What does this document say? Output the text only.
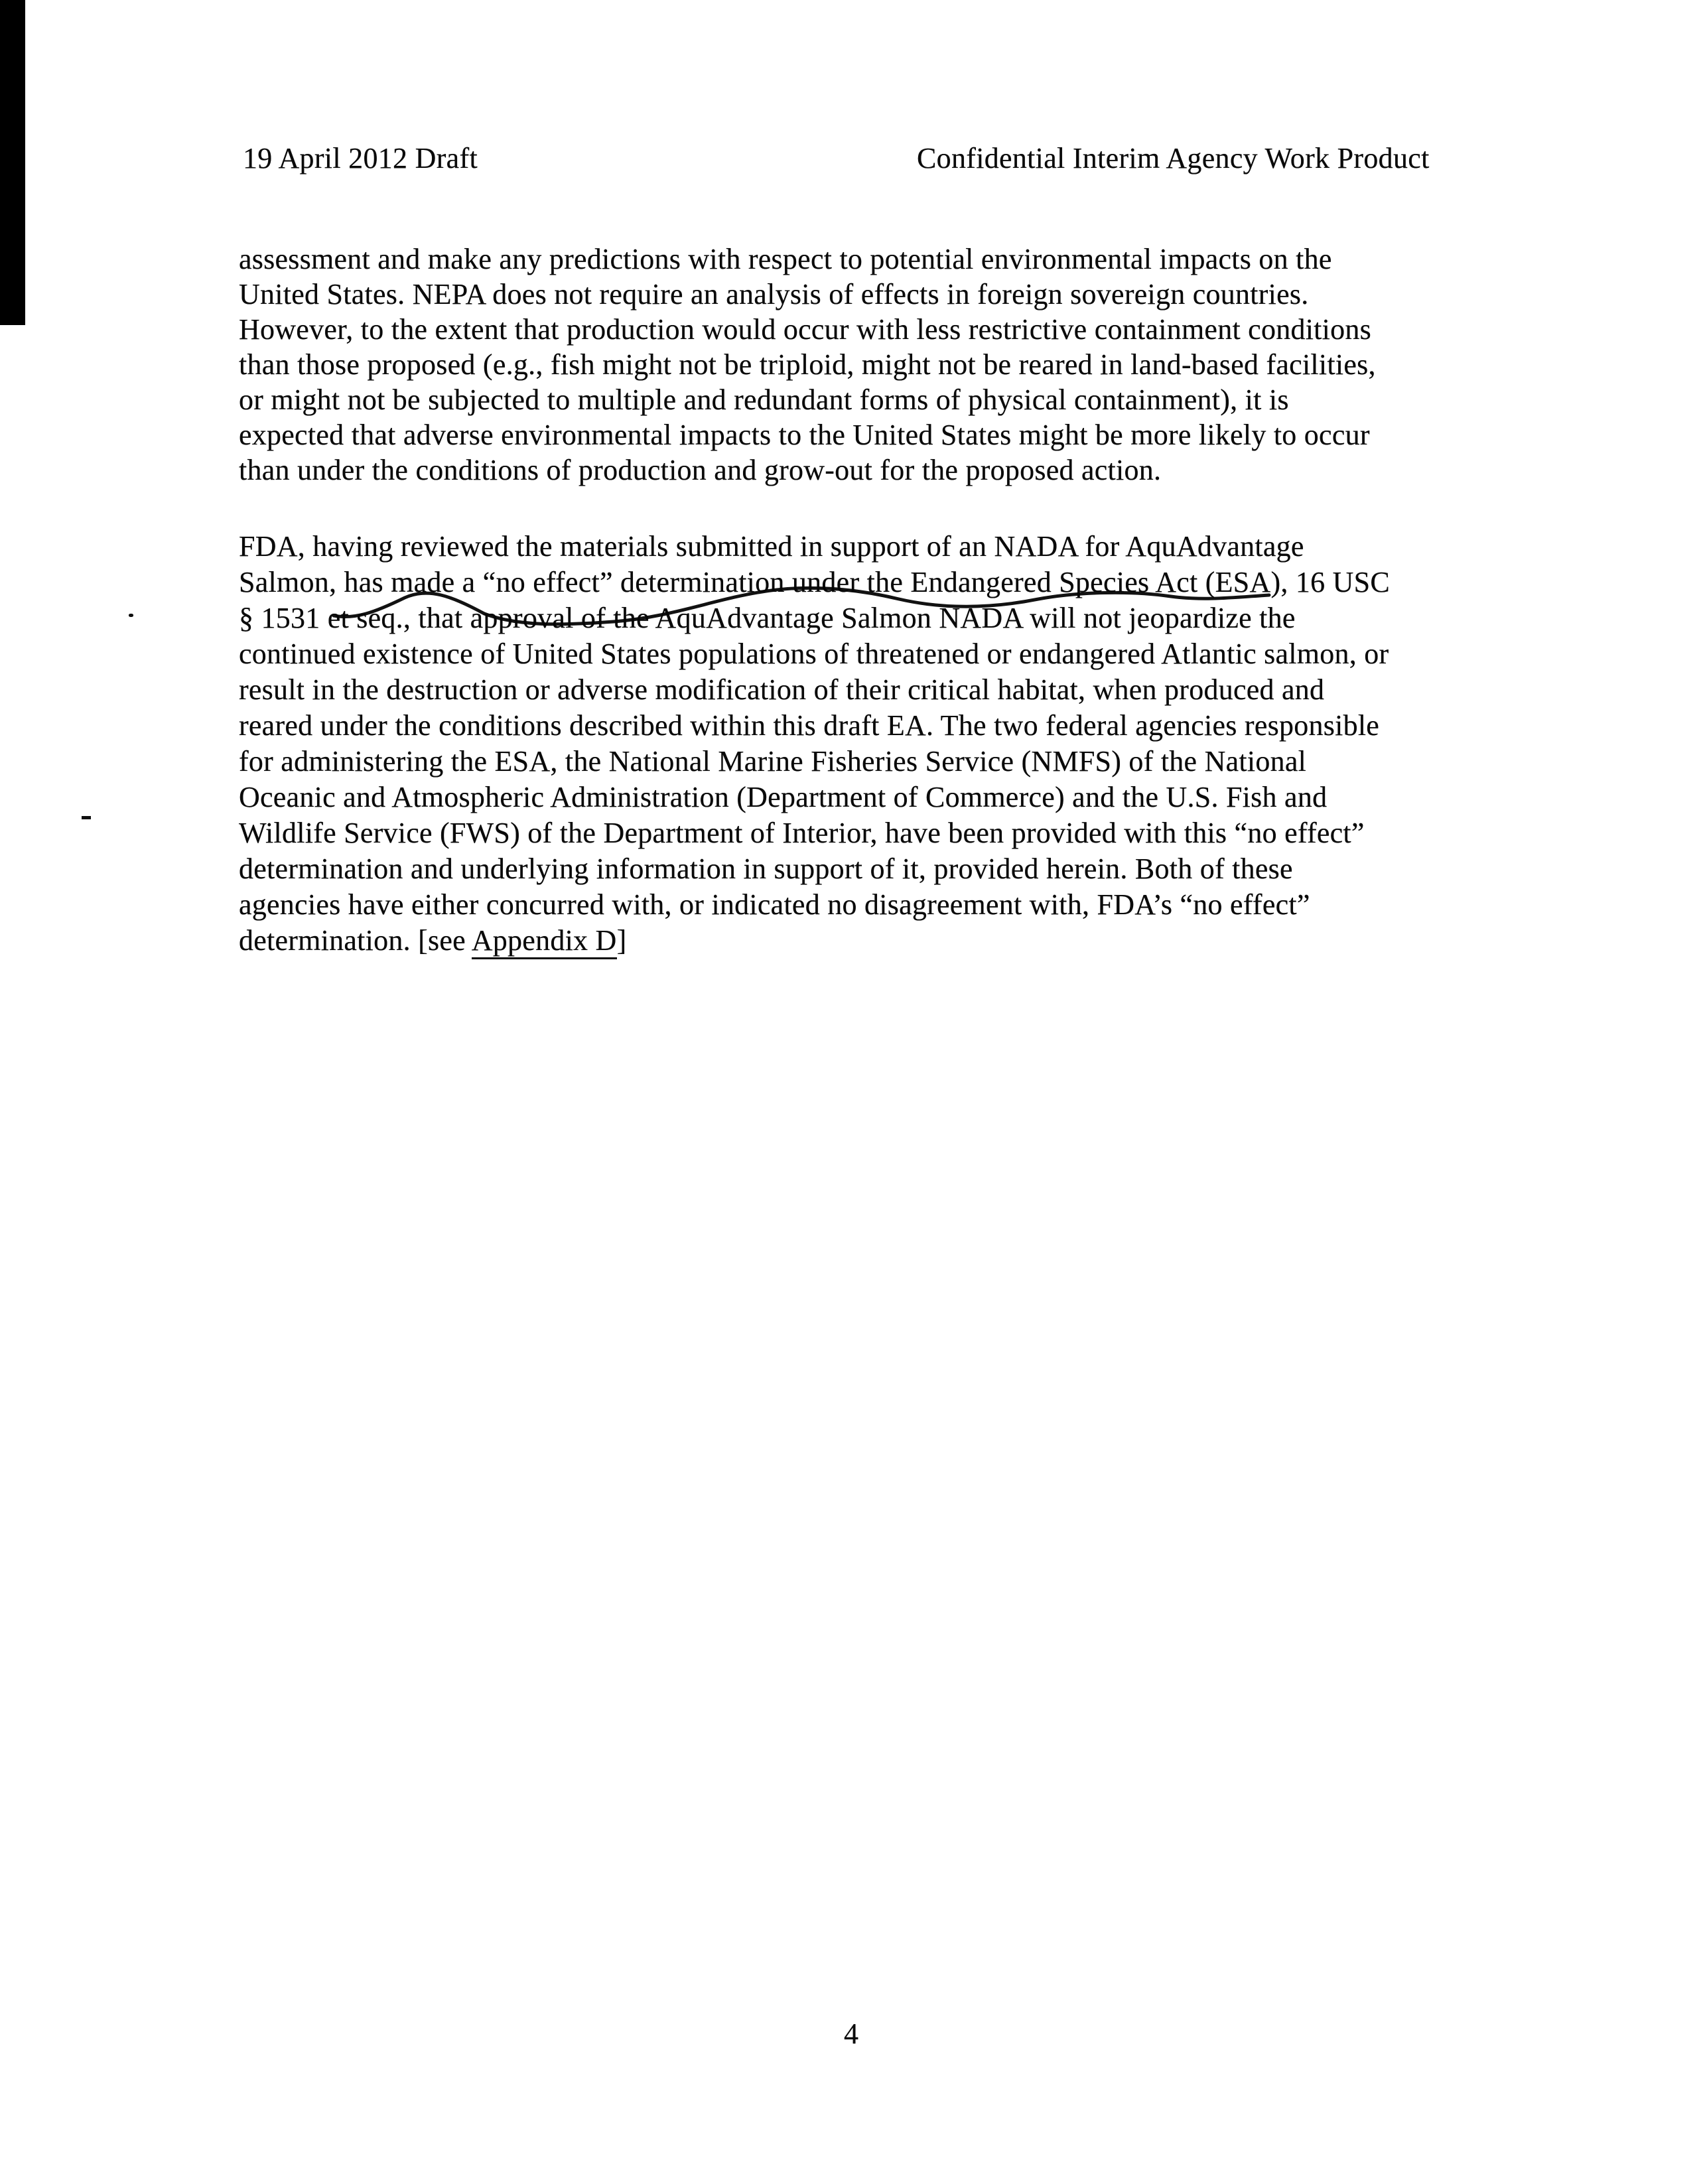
19 April 2012 Draft	Confidential Interim Agency Work Product
assessment and make any predictions with respect to potential environmental impacts on the
United States. NEPA does not require an analysis of effects in foreign sovereign countries.
However, to the extent that production would occur with less restrictive containment conditions
than those proposed (e.g., fish might not be triploid, might not be reared in land-based facilities,
or might not be subjected to multiple and redundant forms of physical containment), it is
expected that adverse environmental impacts to the United States might be more likely to occur
than under the conditions of production and grow-out for the proposed action.
FDA, having reviewed the materials submitted in support of an NADA for AquAdvantage
Salmon, has made a “no effect” determination under the Endangered Species Act (ESA), 16 USC
§ 1531 et seq., that approval of the AquAdvantage Salmon NADA will not jeopardize the
continued existence of United States populations of threatened or endangered Atlantic salmon, or
result in the destruction or adverse modification of their critical habitat, when produced and
reared under the conditions described within this draft EA. The two federal agencies responsible
for administering the ESA, the National Marine Fisheries Service (NMFS) of the National
Oceanic and Atmospheric Administration (Department of Commerce) and the U.S. Fish and
Wildlife Service (FWS) of the Department of Interior, have been provided with this “no effect”
determination and underlying information in support of it, provided herein. Both of these
agencies have either concurred with, or indicated no disagreement with, FDA’s “no effect”
determination. [see Appendix D]
4
